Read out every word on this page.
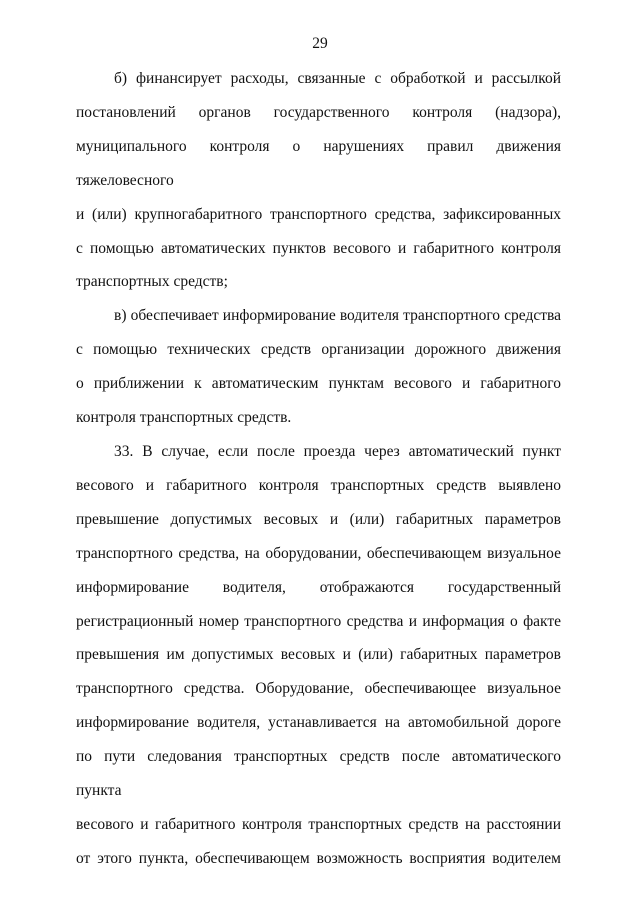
29

б) финансирует расходы, связанные с обработкой и рассылкой
постановлений органов государственного контроля (надзора),
муниципального контроля о нарушениях правил движения тяжеловесного
и (или) крупногабаритного транспортного средства, зафиксированных
с помощью автоматических пунктов весового и габаритного контроля
транспортных средств;

в) обеспечивает информирование водителя транспортного средства
с помощью технических средств организации дорожного движения
о приближении к автоматическим пунктам весового и габаритного
контроля транспортных средств.

33. В случае, если после проезда через автоматический пункт
весового и габаритного контроля транспортных средств выявлено
превышение допустимых весовых и (или) габаритных параметров
транспортного средства, на оборудовании, обеспечивающем визуальное
информирование водителя, отображаются государственный
регистрационный номер транспортного средства и информация о факте
превышения им допустимых весовых и (или) габаритных параметров
транспортного средства. Оборудование, обеспечивающее визуальное
информирование водителя, устанавливается на автомобильной дороге
по пути следования транспортных средств после автоматического пункта
весового и габаритного контроля транспортных средств на расстоянии
от этого пункта, обеспечивающем возможность восприятия водителем
